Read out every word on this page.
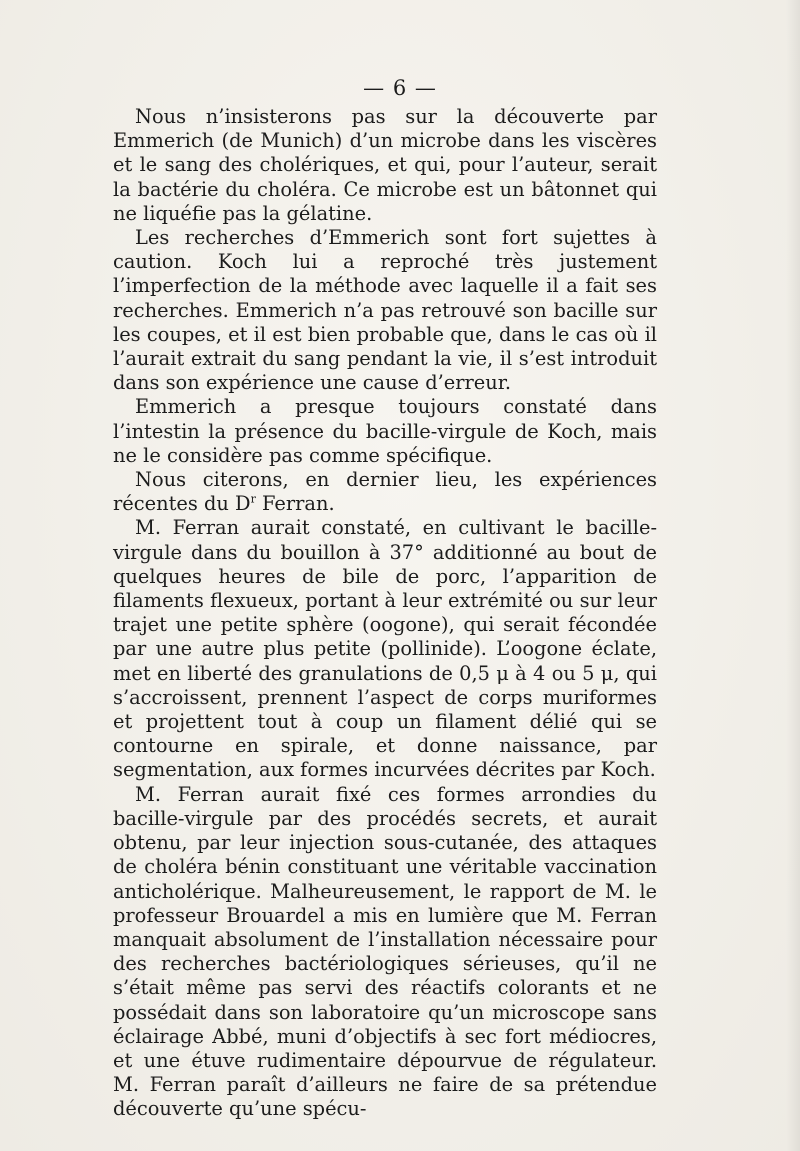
— 6 —

Nous n’insisterons pas sur la découverte par Emmerich (de Munich) d’un microbe dans les viscères et le sang des cholériques, et qui, pour l’auteur, serait la bactérie du choléra. Ce microbe est un bâtonnet qui ne liquéfie pas la gélatine.

Les recherches d’Emmerich sont fort sujettes à caution. Koch lui a reproché très justement l’imperfection de la méthode avec laquelle il a fait ses recherches. Emmerich n’a pas retrouvé son bacille sur les coupes, et il est bien probable que, dans le cas où il l’aurait extrait du sang pendant la vie, il s’est introduit dans son expérience une cause d’erreur.

Emmerich a presque toujours constaté dans l’intestin la présence du bacille-virgule de Koch, mais ne le considère pas comme spécifique.

Nous citerons, en dernier lieu, les expériences récentes du $D^r$ Ferran.

M. Ferran aurait constaté, en cultivant le bacille-virgule dans du bouillon à 37° additionné au bout de quelques heures de bile de porc, l’apparition de filaments flexueux, portant à leur extrémité ou sur leur trajet une petite sphère (oogone), qui serait fécondée par une autre plus petite (pollinide). L’oogone éclate, met en liberté des granulations de 0,5 μ à 4 ou 5 μ, qui s’accroissent, prennent l’aspect de corps muriformes et projettent tout à coup un filament délié qui se contourne en spirale, et donne naissance, par segmentation, aux formes incurvées décrites par Koch.

M. Ferran aurait fixé ces formes arrondies du bacille-virgule par des procédés secrets, et aurait obtenu, par leur injection sous-cutanée, des attaques de choléra bénin constituant une véritable vaccination anticholérique. Malheureusement, le rapport de M. le professeur Brouardel a mis en lumière que M. Ferran manquait absolument de l’installation nécessaire pour des recherches bactériologiques sérieuses, qu’il ne s’était même pas servi des réactifs colorants et ne possédait dans son laboratoire qu’un microscope sans éclairage Abbé, muni d’objectifs à sec fort médiocres, et une étuve rudimentaire dépourvue de régulateur. M. Ferran paraît d’ailleurs ne faire de sa prétendue découverte qu’une spécu-
